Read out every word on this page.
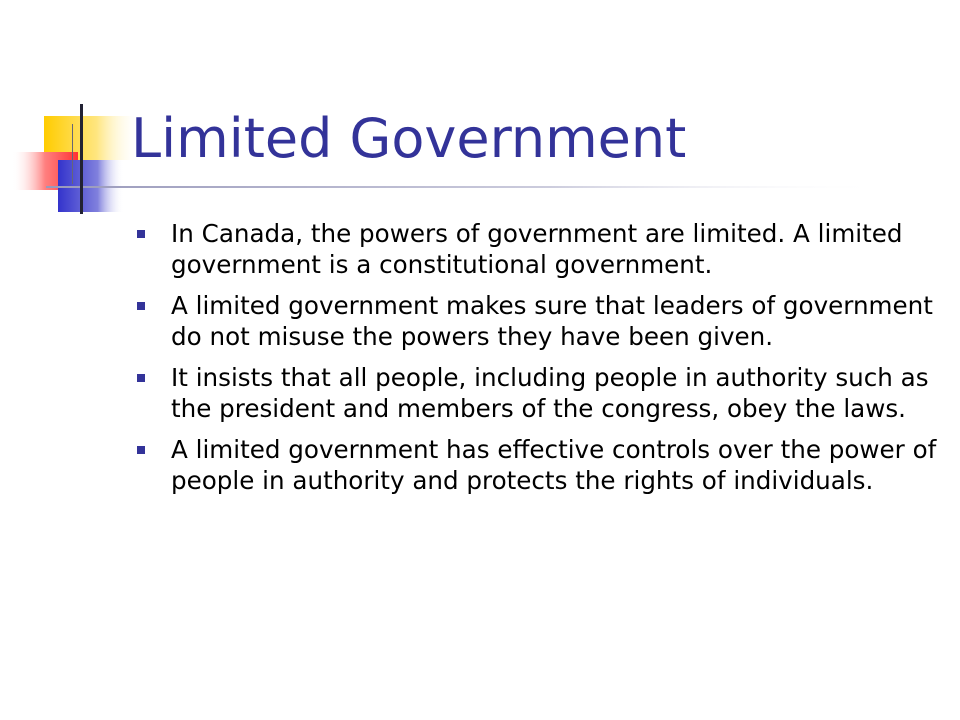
Limited Government
In Canada, the powers of government are limited. A limited government is a constitutional government.
A limited government makes sure that leaders of government do not misuse the powers they have been given.
It insists that all people, including people in authority such as the president and members of the congress, obey the laws.
A limited government has effective controls over the power of people in authority and protects the rights of individuals.
